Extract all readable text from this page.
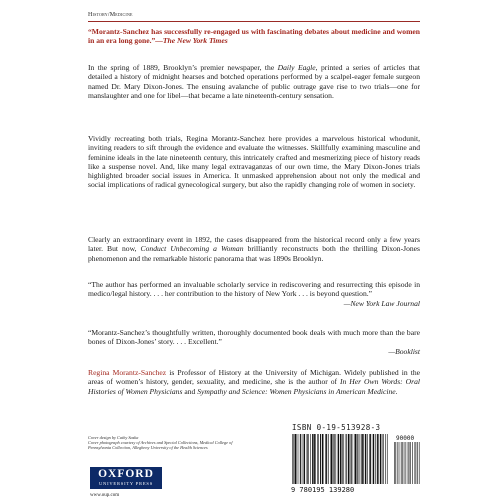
History/Medicine
“Morantz-Sanchez has successfully re-engaged us with fascinating debates about medicine and women in an era long gone.”—The New York Times

In the spring of 1889, Brooklyn’s premier newspaper, the Daily Eagle, printed a series of articles that detailed a history of midnight hearses and botched operations performed by a scalpel-eager female surgeon named Dr. Mary Dixon-Jones. The ensuing avalanche of public outrage gave rise to two trials—one for manslaughter and one for libel—that became a late nineteenth-century sensation.

Vividly recreating both trials, Regina Morantz-Sanchez here provides a marvelous historical whodunit, inviting readers to sift through the evidence and evaluate the witnesses. Skillfully examining masculine and feminine ideals in the late nineteenth century, this intricately crafted and mesmerizing piece of history reads like a suspense novel. And, like many legal extravaganzas of our own time, the Mary Dixon-Jones trials highlighted broader social issues in America. It unmasked apprehension about not only the medical and social implications of radical gynecological surgery, but also the rapidly changing role of women in society.

Clearly an extraordinary event in 1892, the cases disappeared from the historical record only a few years later. But now, Conduct Unbecoming a Woman brilliantly reconstructs both the thrilling Dixon-Jones phenomenon and the remarkable historic panorama that was 1890s Brooklyn.

“The author has performed an invaluable scholarly service in rediscovering and resurrecting this episode in medico/legal history. . . . her contribution to the history of New York . . . is beyond question.”
—New York Law Journal

“Morantz-Sanchez’s thoughtfully written, thoroughly documented book deals with much more than the bare bones of Dixon-Jones’ story. . . . Excellent.”
—Booklist

Regina Morantz-Sanchez is Professor of History at the University of Michigan. Widely published in the areas of women’s history, gender, sexuality, and medicine, she is the author of In Her Own Words: Oral Histories of Women Physicians and Sympathy and Science: Women Physicians in American Medicine.

Cover design by Cathy Saska
Cover photograph courtesy of Archives and Special Collections, Medical College of Pennsylvania Collection, Allegheny University of the Health Sciences
OXFORD
UNIVERSITY PRESS
www.oup.com
ISBN 0-19-513928-3
9 780195 139280
90000
